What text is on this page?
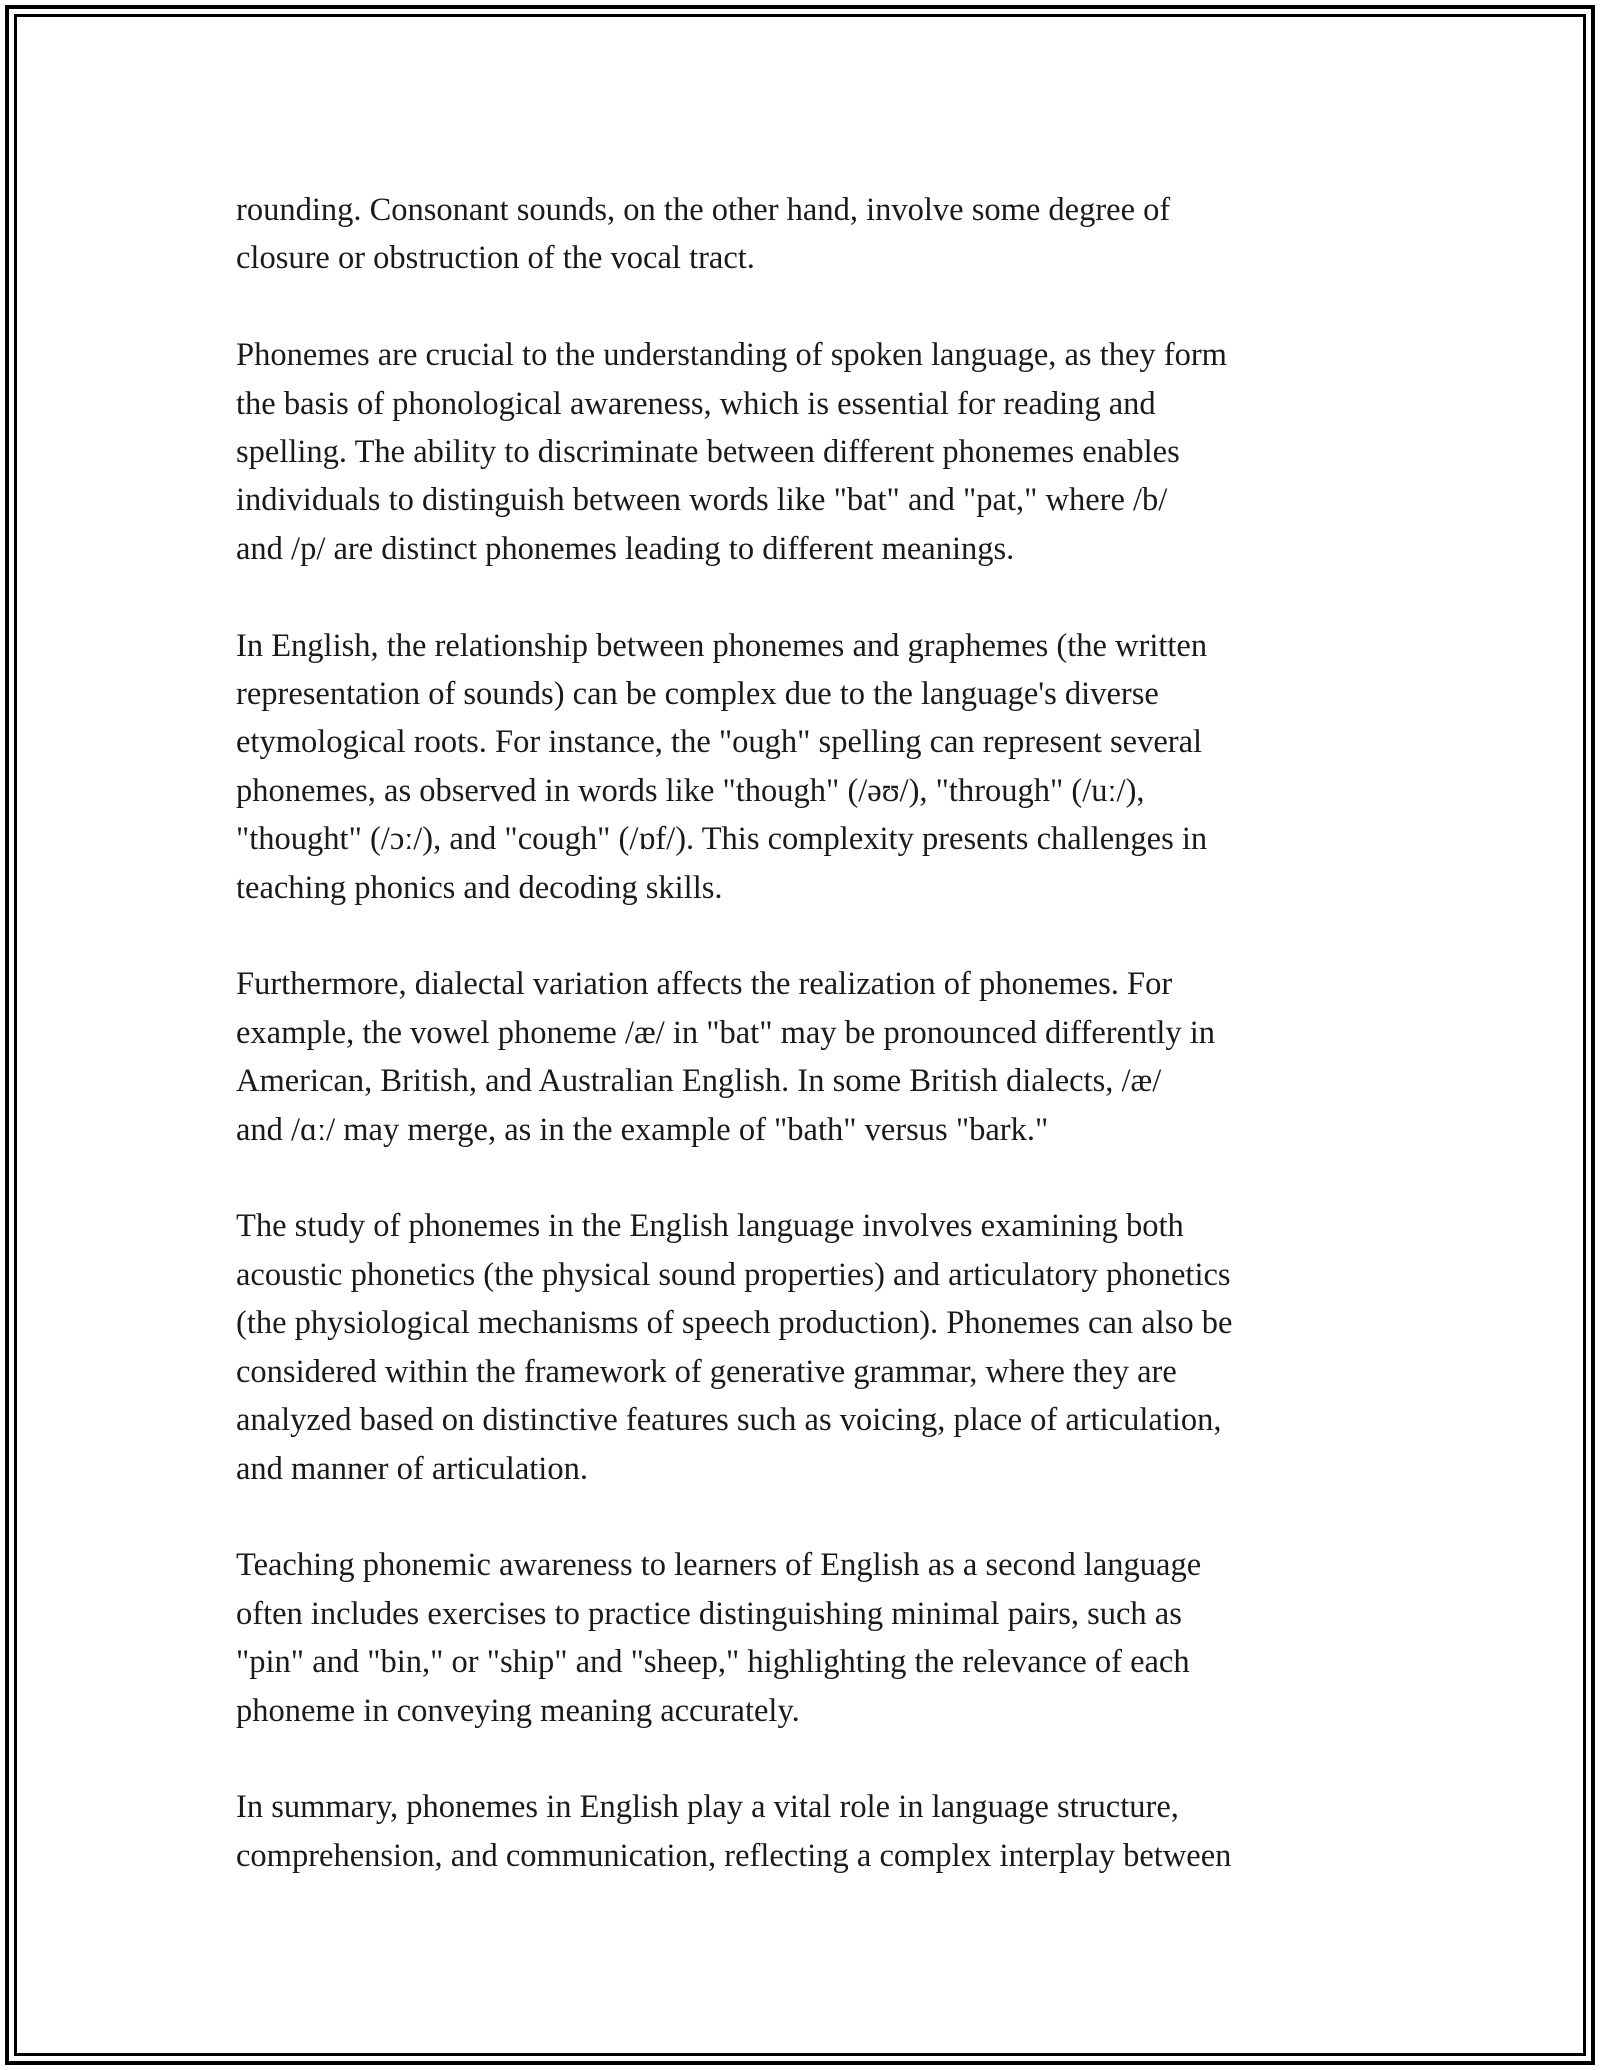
rounding. Consonant sounds, on the other hand, involve some degree of
closure or obstruction of the vocal tract.

Phonemes are crucial to the understanding of spoken language, as they form
the basis of phonological awareness, which is essential for reading and
spelling. The ability to discriminate between different phonemes enables
individuals to distinguish between words like "bat" and "pat," where /b/
and /p/ are distinct phonemes leading to different meanings.

In English, the relationship between phonemes and graphemes (the written
representation of sounds) can be complex due to the language's diverse
etymological roots. For instance, the "ough" spelling can represent several
phonemes, as observed in words like "though" (/əʊ/), "through" (/uː/),
"thought" (/ɔː/), and "cough" (/ɒf/). This complexity presents challenges in
teaching phonics and decoding skills.

Furthermore, dialectal variation affects the realization of phonemes. For
example, the vowel phoneme /æ/ in "bat" may be pronounced differently in
American, British, and Australian English. In some British dialects, /æ/
and /ɑː/ may merge, as in the example of "bath" versus "bark."

The study of phonemes in the English language involves examining both
acoustic phonetics (the physical sound properties) and articulatory phonetics
(the physiological mechanisms of speech production). Phonemes can also be
considered within the framework of generative grammar, where they are
analyzed based on distinctive features such as voicing, place of articulation,
and manner of articulation.

Teaching phonemic awareness to learners of English as a second language
often includes exercises to practice distinguishing minimal pairs, such as
"pin" and "bin," or "ship" and "sheep," highlighting the relevance of each
phoneme in conveying meaning accurately.

In summary, phonemes in English play a vital role in language structure,
comprehension, and communication, reflecting a complex interplay between
